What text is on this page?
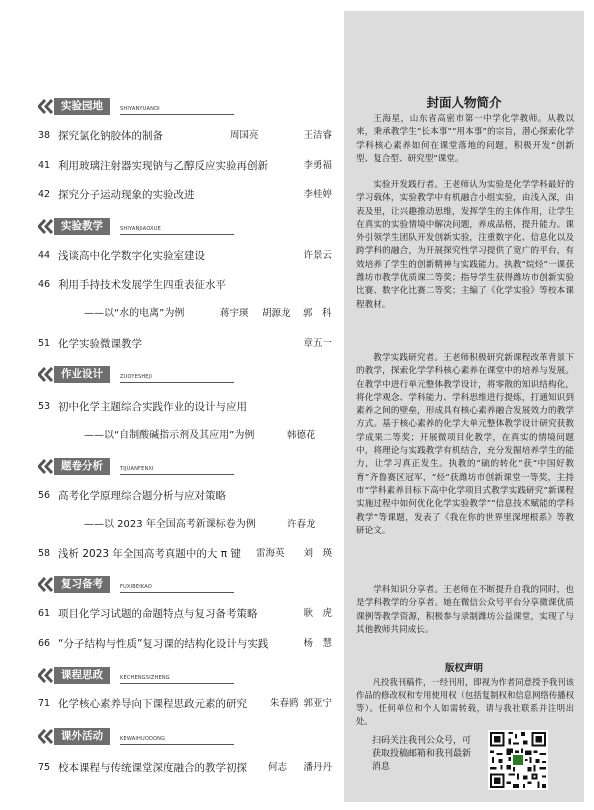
实验园地	SHIYANYUANDI
38 探究氯化钠胶体的制备	周国亮	王洁睿
41 利用玻璃注射器实现钠与乙醇反应实验再创新	李勇福
42 探究分子运动现象的实验改进	李桂婷
实验教学	SHIYANJIAOXUE
44 浅谈高中化学数字化实验室建设	许景云
46 利用手持技术发展学生四重表征水平
——以“水的电离”为例	蒋宇瑛 胡源龙 郭　科
51 化学实验微课教学	章五一
作业设计	ZUOYESHEJI
53 初中化学主题综合实践作业的设计与应用
——以“自制酸碱指示剂及其应用”为例	韩德花
题卷分析	TIJUANFENXI
56 高考化学原理综合题分析与应对策略
——以 2023 年全国高考新课标卷为例	许春龙
58 浅析 2023 年全国高考真题中的大 π 键 雷海英 刘　瑛
复习备考	FUXIBEIKAO
61 项目化学习试题的命题特点与复习备考策略	耿　虎
66 “分子结构与性质”复习课的结构化设计与实践	杨　慧
课程思政	KECHENGSIZHENG
71 化学核心素养导向下课程思政元素的研究 朱春鸥 郭亚宁
课外活动	KEWAIHUODONG
75 校本课程与传统课堂深度融合的教学初探 何志 潘丹丹
封面人物简介
王海星，山东省高密市第一中学化学教师。从教以来，秉承教学生“长本事”“用本事”的宗旨，潜心探索化学学科核心素养如何在课堂落地的问题，积极开发“创新型、复合型、研究型”课堂。
实验开发践行者。王老师认为实验是化学学科最好的学习载体，实验教学中有机融合小组实验，由浅入深，由表及里，让兴趣推动思维，发挥学生的主体作用，让学生在真实的实验情境中解决问题，养成品格，提升能力。课外引领学生团队开发创新实验，注重数字化、信息化以及跨学科的融合，为开展探究性学习提供了宽广的平台，有效培养了学生的创新精神与实践能力。执教“烷烃”一课获潍坊市教学优质课二等奖；指导学生获得潍坊市创新实验比赛、数字化比赛二等奖；主编了《化学实验》等校本课程教材。
教学实践研究者。王老师积极研究新课程改革背景下的教学，探索化学学科核心素养在课堂中的培养与发展。在教学中进行单元整体教学设计，将零散的知识结构化，将化学观念、学科能力、学科思维进行提炼，打通知识到素养之间的壁垒，形成具有核心素养融合发展效力的教学方式。基于核心素养的化学大单元整体教学设计研究获教学成果二等奖；开展微项目化教学，在真实的情境问题中，将理论与实践教学有机结合，充分发掘培养学生的能力，让学习真正发生。执教的“硫的转化”获“中国好教育”齐鲁赛区冠军，“烃”获潍坊市创新课堂一等奖，主持市“学科素养目标下高中化学项目式教学实践研究”新课程实施过程中如何优化化学实验教学”“信息技术赋能的学科教学”等课题，发表了《我在你的世界里深埋根系》等教研论文。
学科知识分享者。王老师在不断提升自我的同时，也是学科教学的分享者。她在微信公众号平台分享微课优质课例等教学资源，积极参与录制潍坊公益课堂，实现了与其他教师共同成长。
版权声明
凡投我刊稿件，一经刊用，即视为作者同意授予我刊该作品的修改权和专用使用权（包括复制权和信息网络传播权等）。任何单位和个人如需转载，请与我社联系并注明出处。
扫码关注我刊公众号，可获取投稿邮箱和我刊最新消息
